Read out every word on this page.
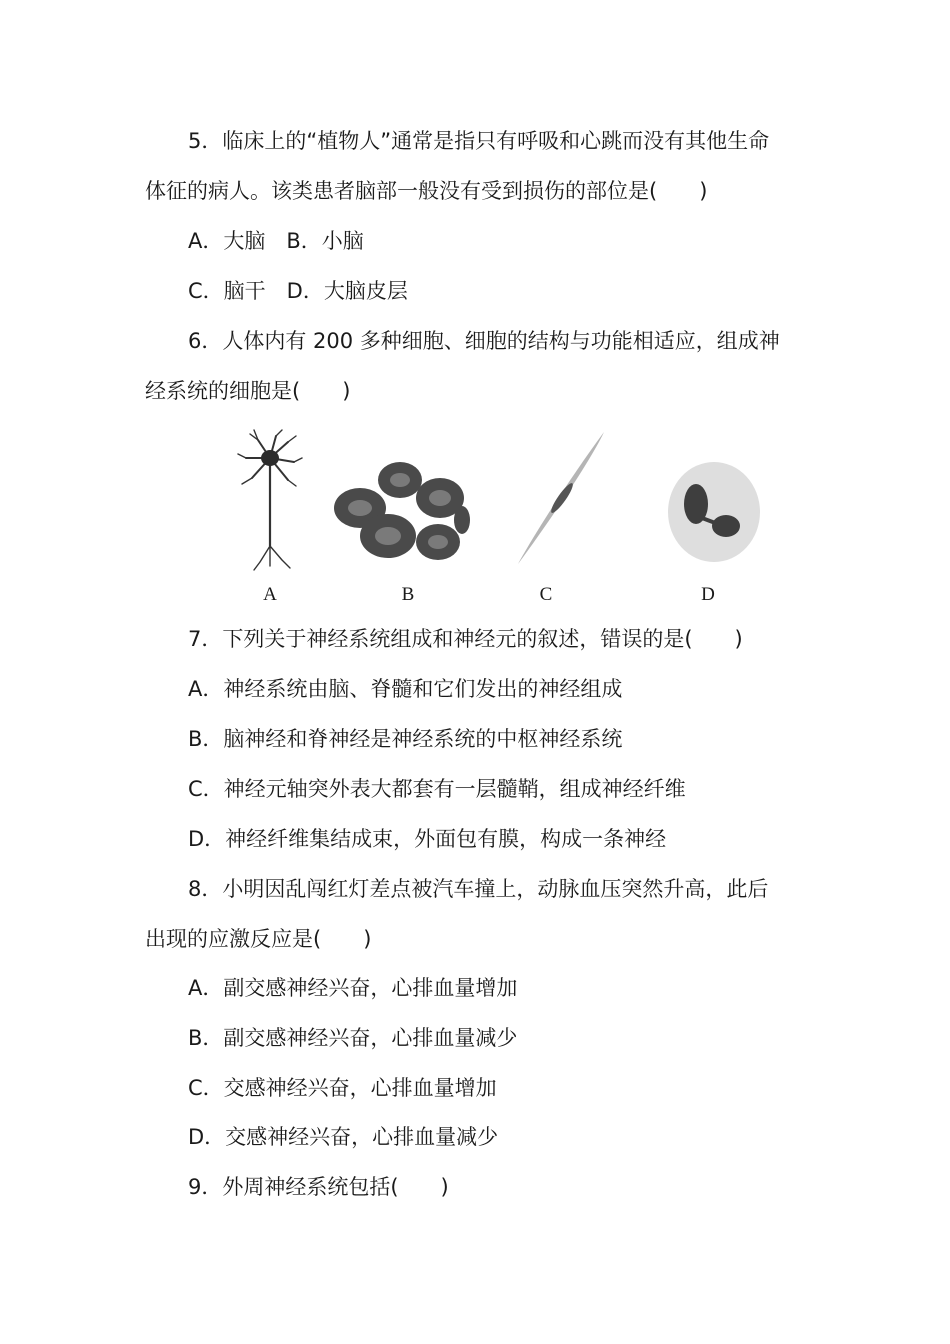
5．临床上的“植物人”通常是指只有呼吸和心跳而没有其他生命
体征的病人。该类患者脑部一般没有受到损伤的部位是(　　)
A．大脑　B．小脑
C．脑干　D．大脑皮层
6．人体内有 200 多种细胞、细胞的结构与功能相适应，组成神
经系统的细胞是(　　)
A	B	C	D
7．下列关于神经系统组成和神经元的叙述，错误的是(　　)
A．神经系统由脑、脊髓和它们发出的神经组成
B．脑神经和脊神经是神经系统的中枢神经系统
C．神经元轴突外表大都套有一层髓鞘，组成神经纤维
D．神经纤维集结成束，外面包有膜，构成一条神经
8．小明因乱闯红灯差点被汽车撞上，动脉血压突然升高，此后
出现的应激反应是(　　)
A．副交感神经兴奋，心排血量增加
B．副交感神经兴奋，心排血量减少
C．交感神经兴奋，心排血量增加
D．交感神经兴奋，心排血量减少
9．外周神经系统包括(　　)
